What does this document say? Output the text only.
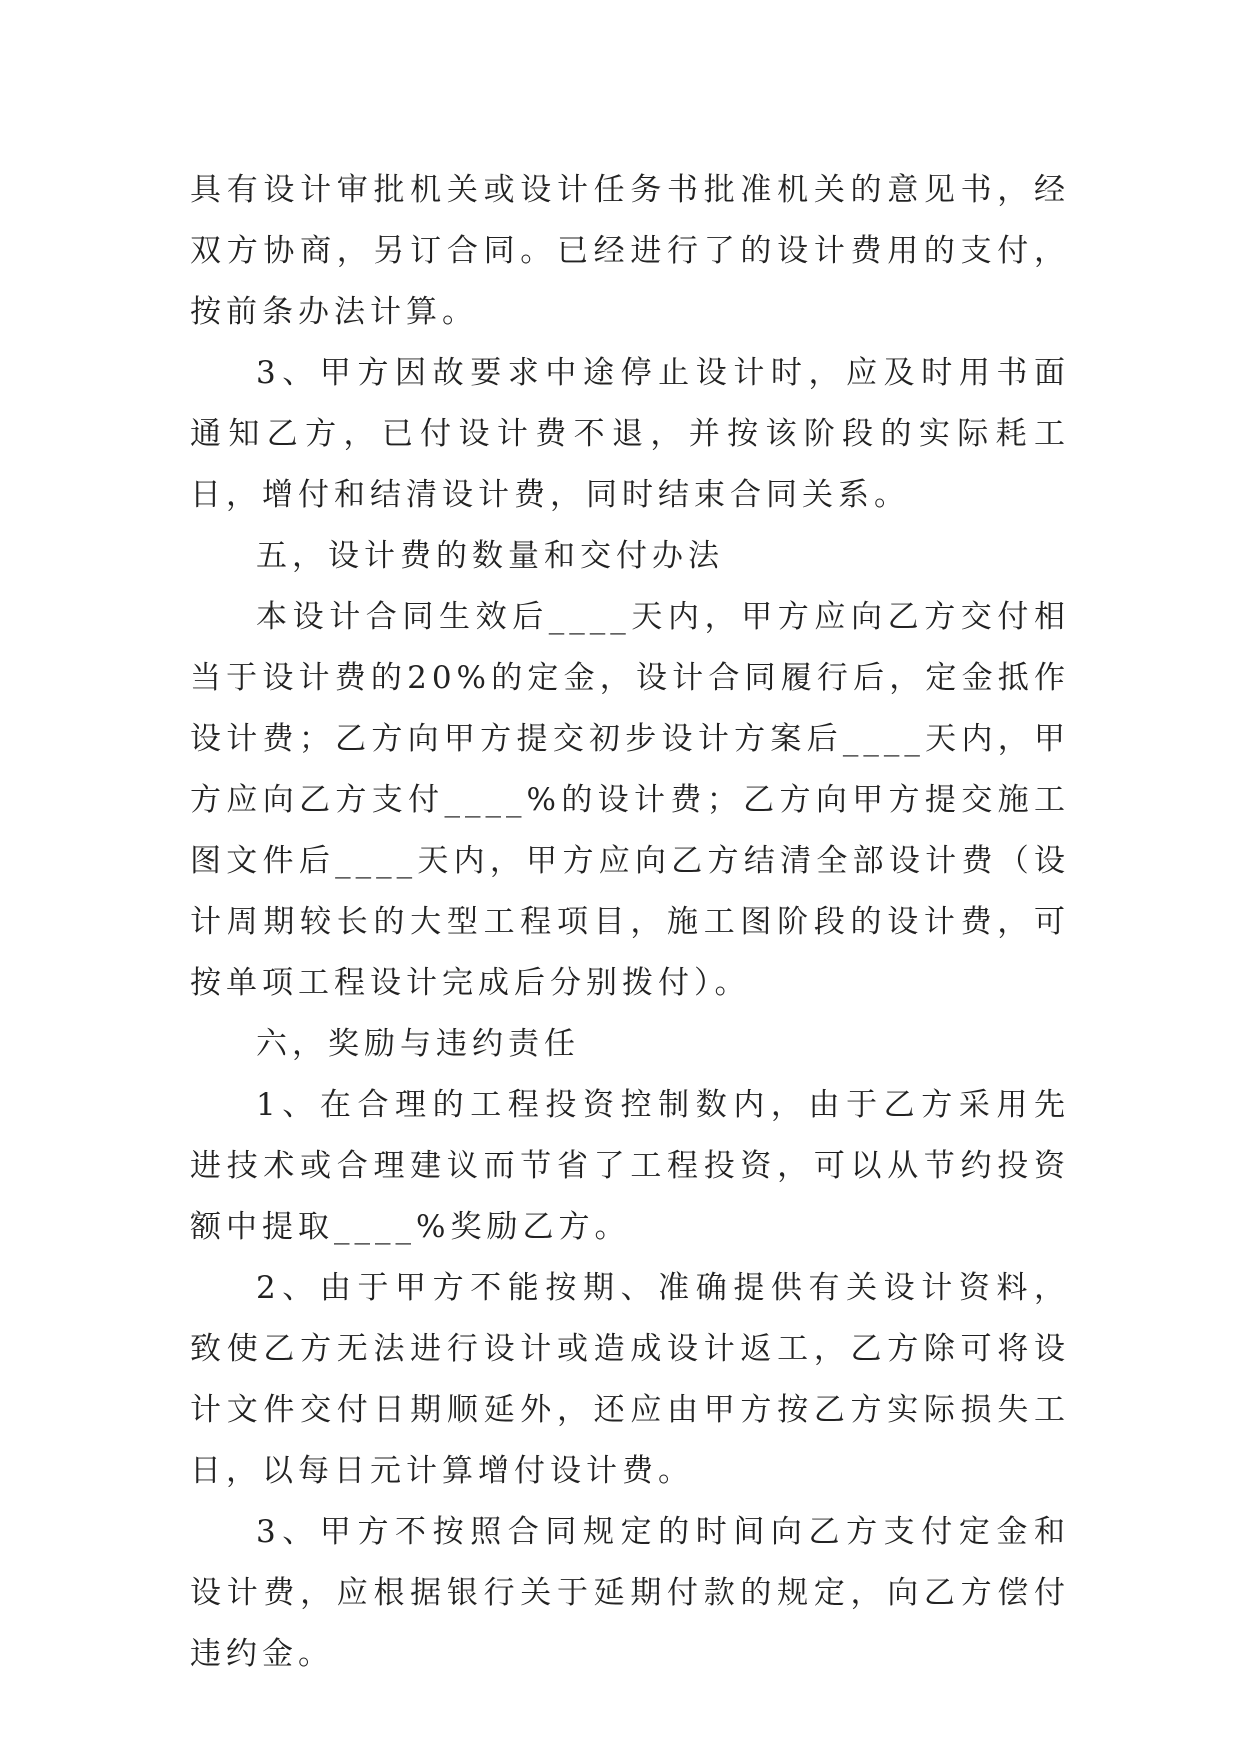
具有设计审批机关或设计任务书批准机关的意见书，经双方协商，另订合同。已经进行了的设计费用的支付，按前条办法计算。

3、甲方因故要求中途停止设计时，应及时用书面通知乙方，已付设计费不退，并按该阶段的实际耗工日，增付和结清设计费，同时结束合同关系。

五，设计费的数量和交付办法

本设计合同生效后____天内，甲方应向乙方交付相当于设计费的20%的定金，设计合同履行后，定金抵作设计费；乙方向甲方提交初步设计方案后____天内，甲方应向乙方支付____%的设计费；乙方向甲方提交施工图文件后____天内，甲方应向乙方结清全部设计费（设计周期较长的大型工程项目，施工图阶段的设计费，可按单项工程设计完成后分别拨付）。

六，奖励与违约责任

1、在合理的工程投资控制数内，由于乙方采用先进技术或合理建议而节省了工程投资，可以从节约投资额中提取____%奖励乙方。

2、由于甲方不能按期、准确提供有关设计资料，致使乙方无法进行设计或造成设计返工，乙方除可将设计文件交付日期顺延外，还应由甲方按乙方实际损失工日，以每日元计算增付设计费。

3、甲方不按照合同规定的时间向乙方支付定金和设计费，应根据银行关于延期付款的规定，向乙方偿付违约金。
